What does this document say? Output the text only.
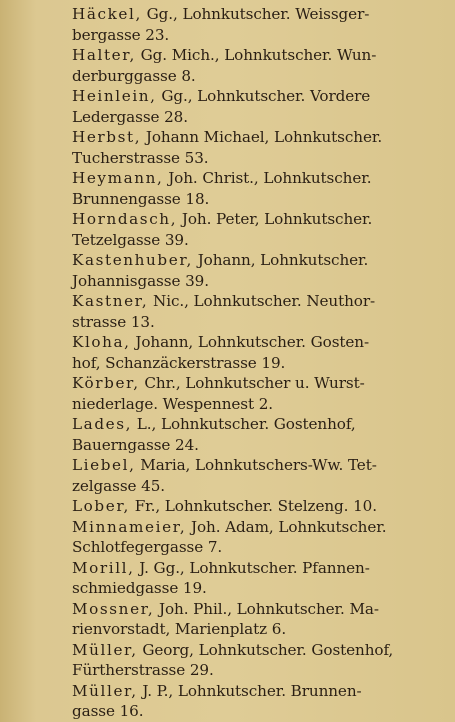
Häckel, Gg., Lohnkutscher. Weissger-
bergasse 23.
Halter, Gg. Mich., Lohnkutscher. Wun-
derburggasse 8.
Heinlein, Gg., Lohnkutscher. Vordere
Ledergasse 28.
Herbst, Johann Michael, Lohnkutscher.
Tucherstrasse 53.
Heymann, Joh. Christ., Lohnkutscher.
Brunnengasse 18.
Horndasch, Joh. Peter, Lohnkutscher.
Tetzelgasse 39.
Kastenhuber, Johann, Lohnkutscher.
Johannisgasse 39.
Kastner, Nic., Lohnkutscher. Neuthor-
strasse 13.
Kloha, Johann, Lohnkutscher. Gosten-
hof, Schanzäckerstrasse 19.
Körber, Chr., Lohnkutscher u. Wurst-
niederlage. Wespennest 2.
Lades, L., Lohnkutscher. Gostenhof,
Bauerngasse 24.
Liebel, Maria, Lohnkutschers-Ww. Tet-
zelgasse 45.
Lober, Fr., Lohnkutscher. Stelzeng. 10.
Minnameier, Joh. Adam, Lohnkutscher.
Schlotfegergasse 7.
Morill, J. Gg., Lohnkutscher. Pfannen-
schmiedgasse 19.
Mossner, Joh. Phil., Lohnkutscher. Ma-
rienvorstadt, Marienplatz 6.
Müller, Georg, Lohnkutscher. Gostenhof,
Fürtherstrasse 29.
Müller, J. P., Lohnkutscher. Brunnen-
gasse 16.
